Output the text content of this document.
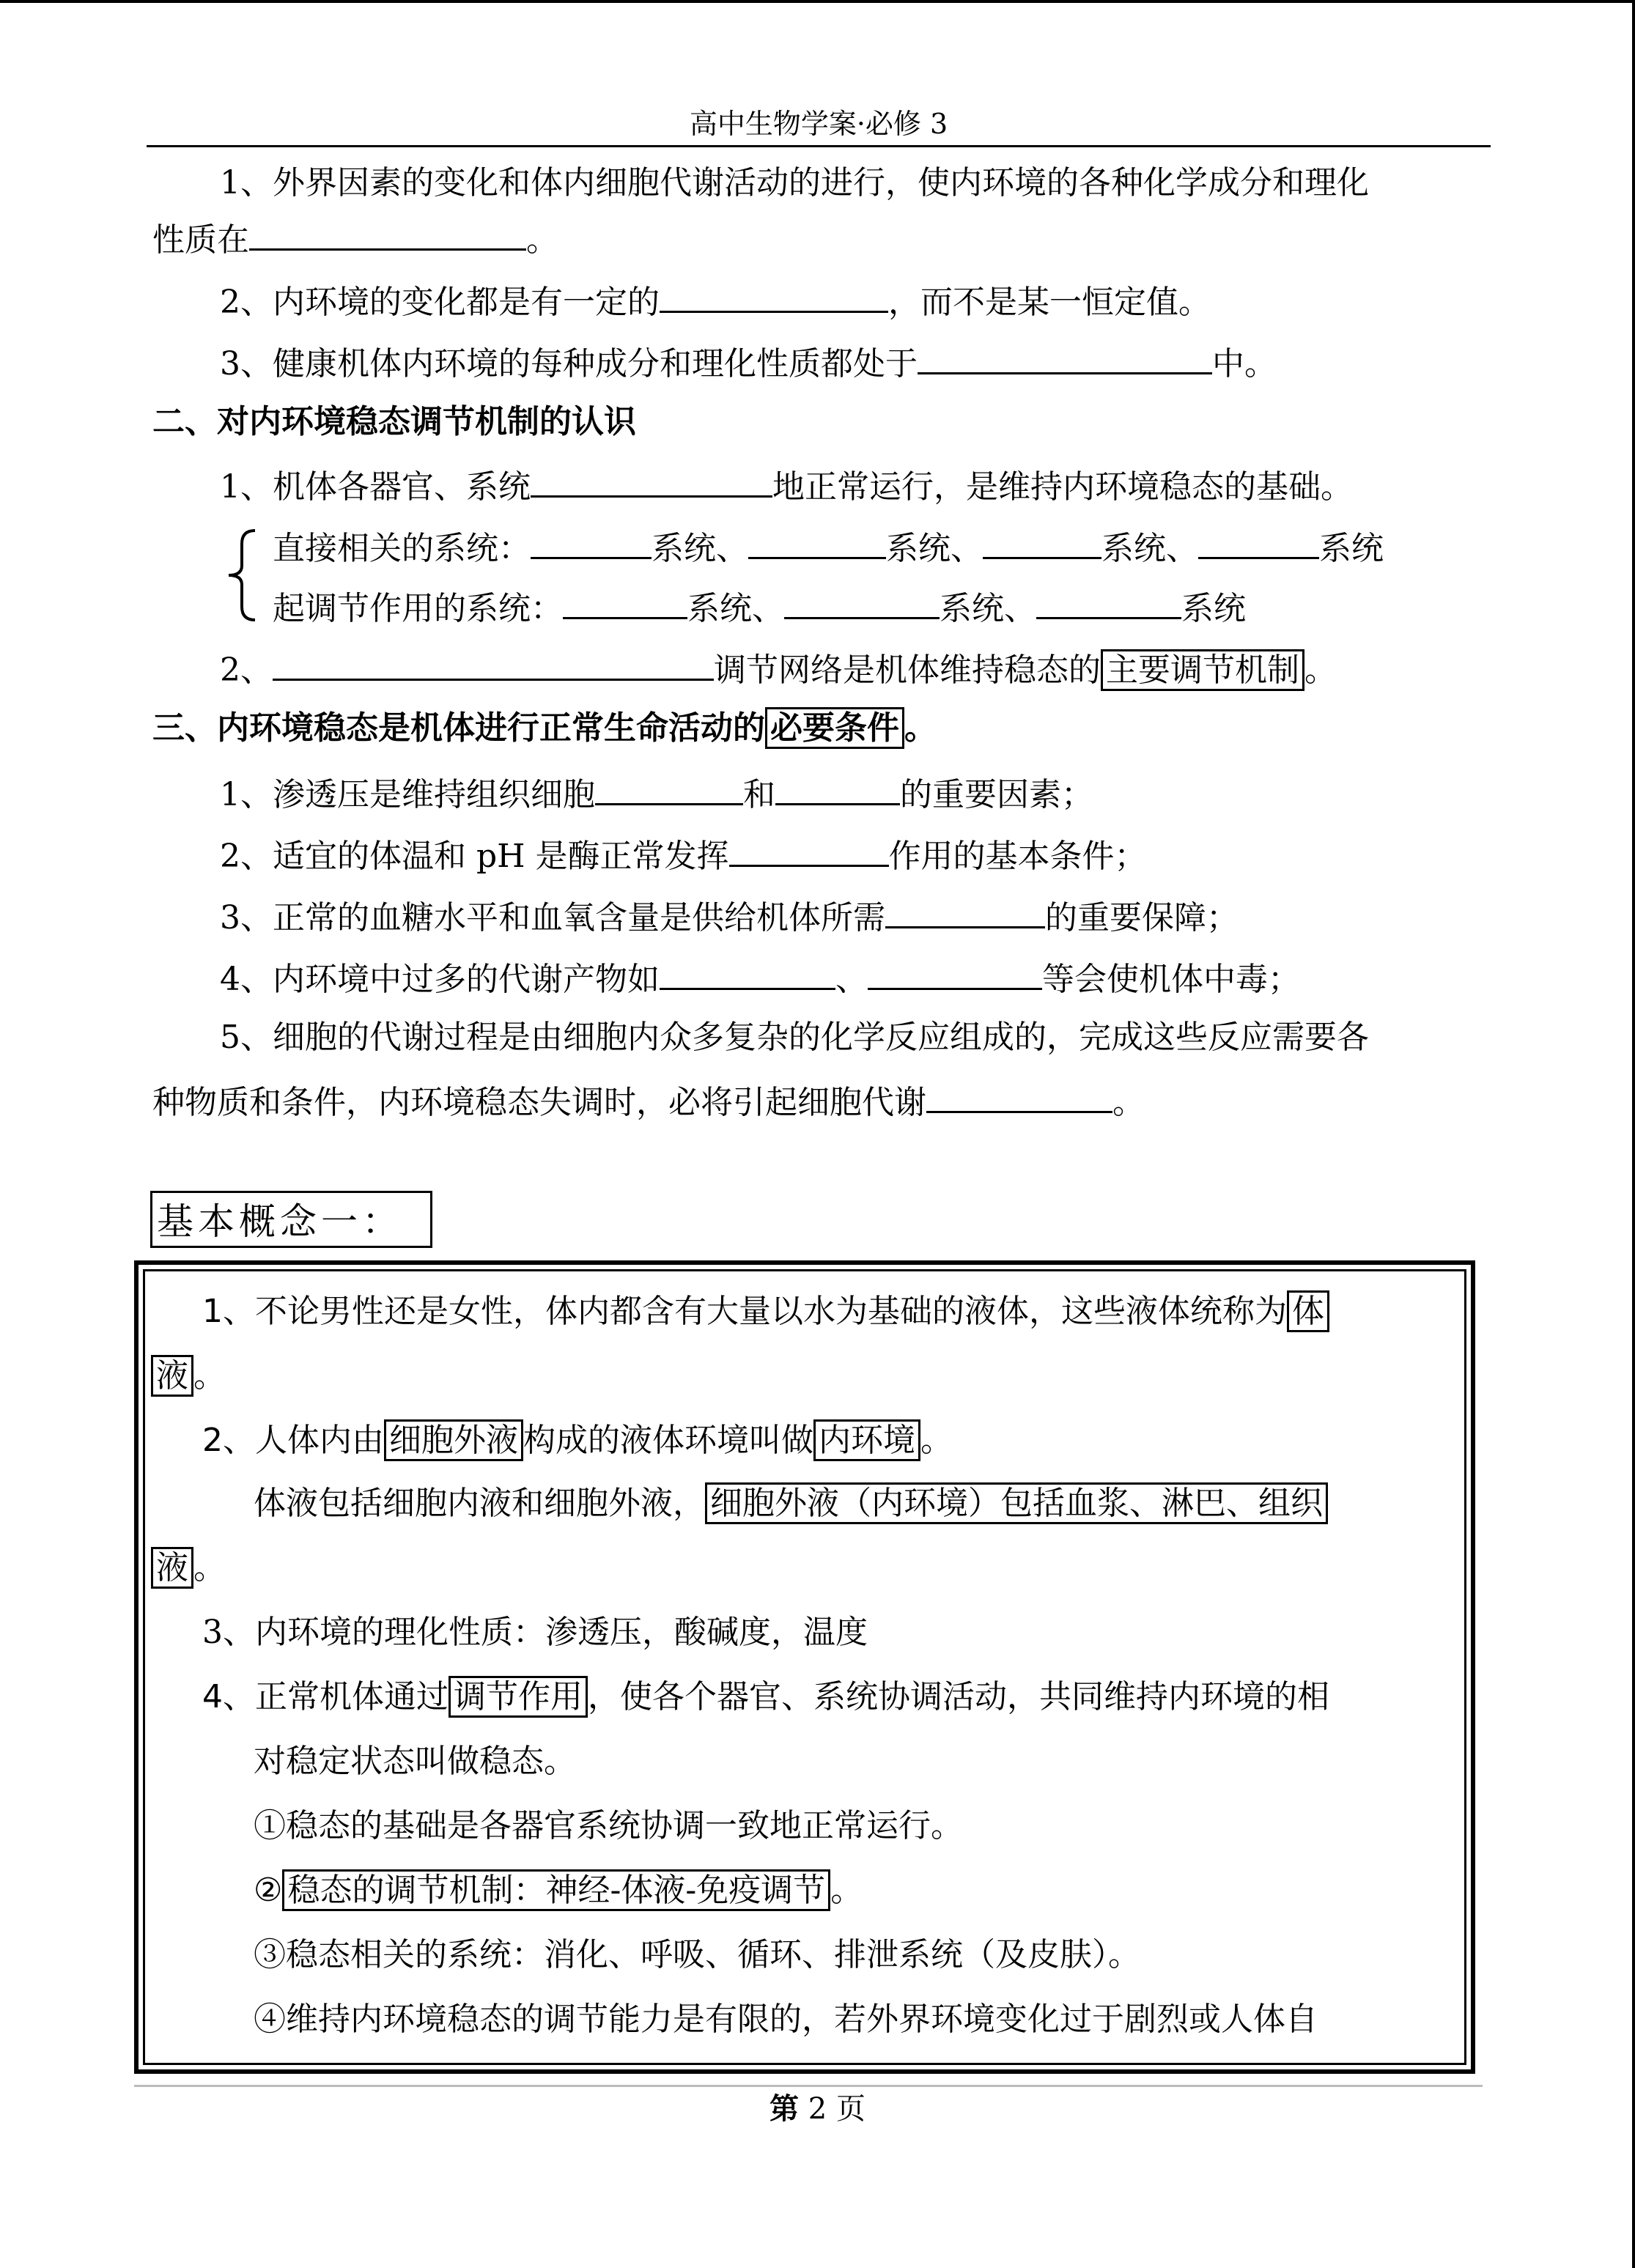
高中生物学案·必修 3
1、外界因素的变化和体内细胞代谢活动的进行，使内环境的各种化学成分和理化
性质在	。
2、内环境的变化都是有一定的	，而不是某一恒定值。
3、健康机体内环境的每种成分和理化性质都处于	中。
二、对内环境稳态调节机制的认识
1、机体各器官、系统	地正常运行，是维持内环境稳态的基础。
直接相关的系统：	系统、	系统、	系统、	系统
起调节作用的系统：	系统、	系统、	系统
2、	调节网络是机体维持稳态的 主要调节机制 。
三、内环境稳态是机体进行正常生命活动的 必要条件 。
1、渗透压是维持组织细胞	和	的重要因素；
2、适宜的体温和 pH 是酶正常发挥	作用的基本条件；
3、正常的血糖水平和血氧含量是供给机体所需	的重要保障；
4、内环境中过多的代谢产物如	、	等会使机体中毒；
5、细胞的代谢过程是由细胞内众多复杂的化学反应组成的，完成这些反应需要各
种物质和条件，内环境稳态失调时，必将引起细胞代谢	。
基本概念一：
1、不论男性还是女性，体内都含有大量以水为基础的液体，这些液体统称为 体
液 。
2、人体内由 细胞外液 构成的液体环境叫做 内环境 。
体液包括细胞内液和细胞外液， 细胞外液（内环境）包括血浆、淋巴、组织
液 。
3、内环境的理化性质：渗透压，酸碱度，温度
4、正常机体通过 调节作用 ，使各个器官、系统协调活动，共同维持内环境的相
对稳定状态叫做稳态。
①稳态的基础是各器官系统协调一致地正常运行。
② 稳态的调节机制：神经-体液-免疫调节 。
③稳态相关的系统：消化、呼吸、循环、排泄系统（及皮肤）。
④维持内环境稳态的调节能力是有限的，若外界环境变化过于剧烈或人体自
第 2 页
